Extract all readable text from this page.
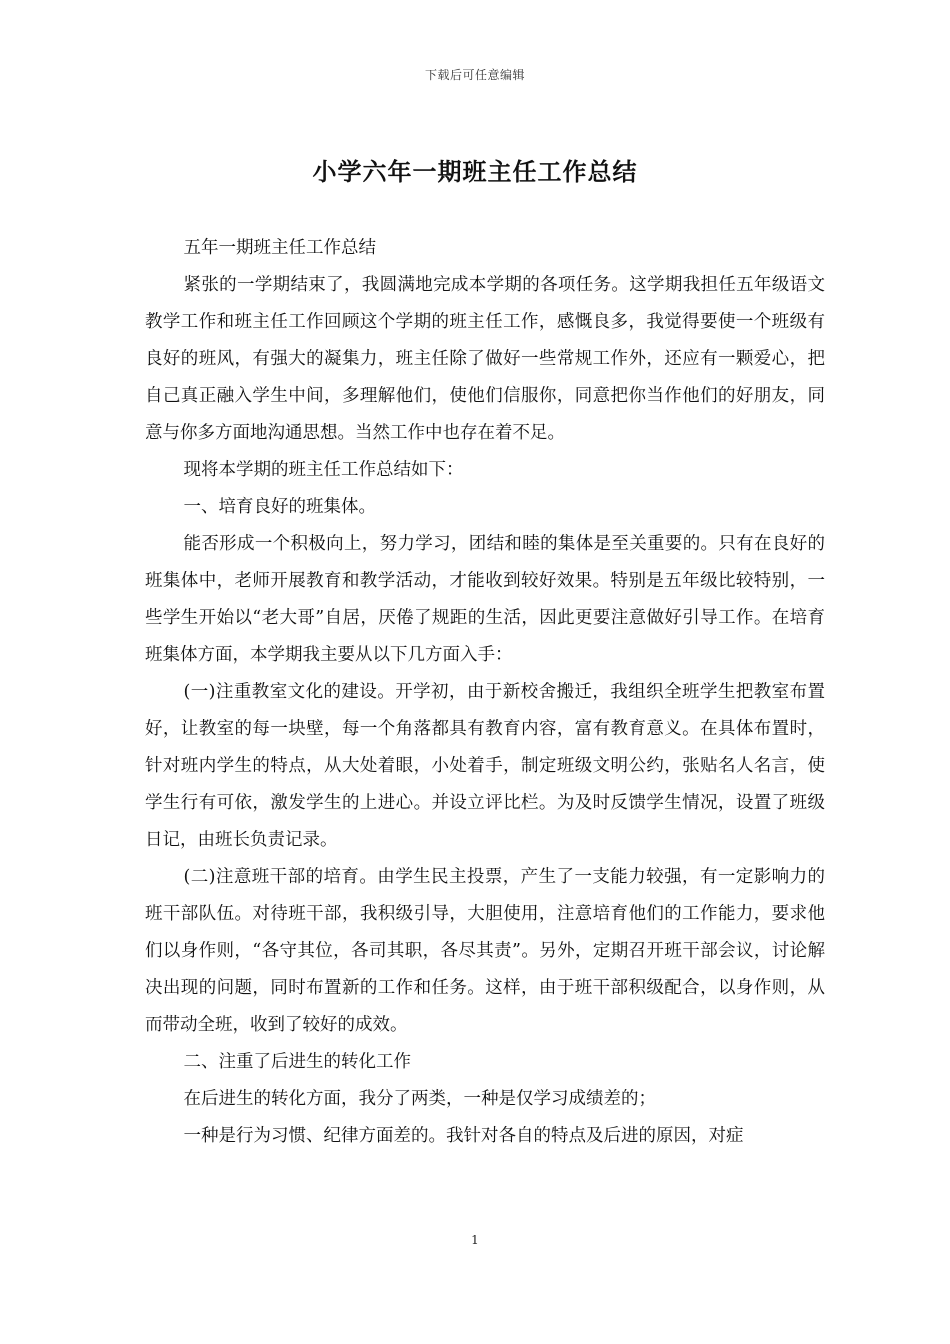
下载后可任意编辑
小学六年一期班主任工作总结

五年一期班主任工作总结

紧张的一学期结束了，我圆满地完成本学期的各项任务。这学期我担任五年级语文教学工作和班主任工作回顾这个学期的班主任工作，感慨良多，我觉得要使一个班级有良好的班风，有强大的凝集力，班主任除了做好一些常规工作外，还应有一颗爱心，把自己真正融入学生中间，多理解他们，使他们信服你，同意把你当作他们的好朋友，同意与你多方面地沟通思想。当然工作中也存在着不足。

现将本学期的班主任工作总结如下：

一、培育良好的班集体。

能否形成一个积极向上，努力学习，团结和睦的集体是至关重要的。只有在良好的班集体中，老师开展教育和教学活动，才能收到较好效果。特别是五年级比较特别，一些学生开始以“老大哥”自居，厌倦了规距的生活，因此更要注意做好引导工作。在培育班集体方面，本学期我主要从以下几方面入手：

(一)注重教室文化的建设。开学初，由于新校舍搬迁，我组织全班学生把教室布置好，让教室的每一块壁，每一个角落都具有教育内容，富有教育意义。在具体布置时，针对班内学生的特点，从大处着眼，小处着手，制定班级文明公约，张贴名人名言，使学生行有可依，激发学生的上进心。并设立评比栏。为及时反馈学生情况，设置了班级日记，由班长负责记录。

(二)注意班干部的培育。由学生民主投票，产生了一支能力较强，有一定影响力的班干部队伍。对待班干部，我积级引导，大胆使用，注意培育他们的工作能力，要求他们以身作则，“各守其位，各司其职，各尽其责”。另外，定期召开班干部会议，讨论解决出现的问题，同时布置新的工作和任务。这样，由于班干部积级配合，以身作则，从而带动全班，收到了较好的成效。

二、注重了后进生的转化工作

在后进生的转化方面，我分了两类，一种是仅学习成绩差的；

一种是行为习惯、纪律方面差的。我针对各自的特点及后进的原因，对症

1
